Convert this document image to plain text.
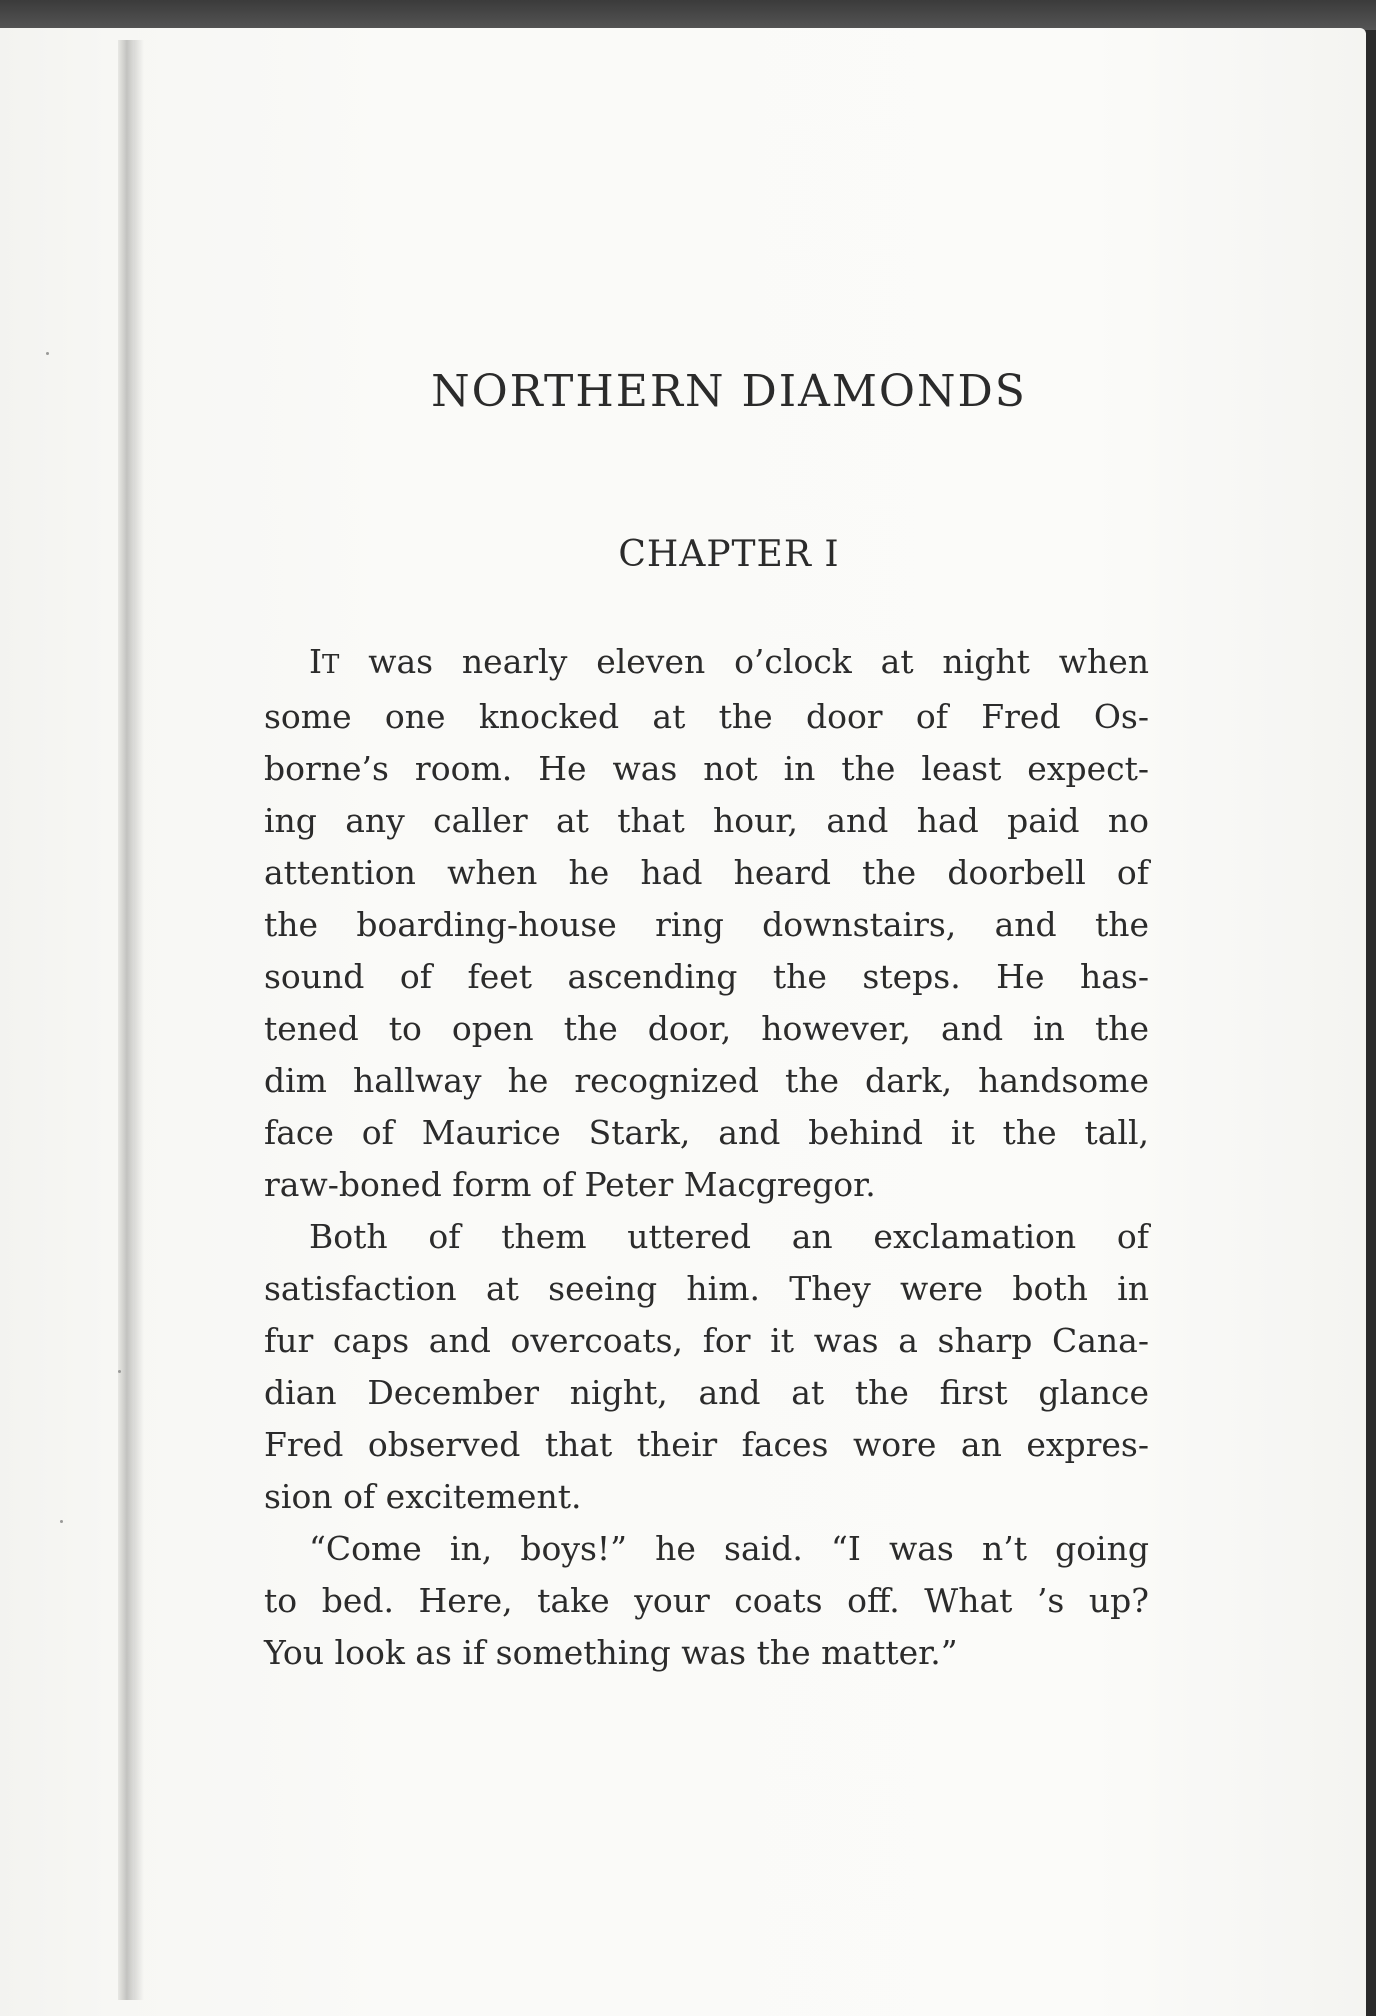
NORTHERN DIAMONDS
CHAPTER I
IT was nearly eleven o’clock at night when
some one knocked at the door of Fred Os-
borne’s room. He was not in the least expect-
ing any caller at that hour, and had paid no
attention when he had heard the doorbell of
the boarding-house ring downstairs, and the
sound of feet ascending the steps. He has-
tened to open the door, however, and in the
dim hallway he recognized the dark, handsome
face of Maurice Stark, and behind it the tall,
raw-boned form of Peter Macgregor.
Both of them uttered an exclamation of
satisfaction at seeing him. They were both in
fur caps and overcoats, for it was a sharp Cana-
dian December night, and at the first glance
Fred observed that their faces wore an expres-
sion of excitement.
“Come in, boys!” he said. “I was n’t going
to bed. Here, take your coats off. What ’s up?
You look as if something was the matter.”
